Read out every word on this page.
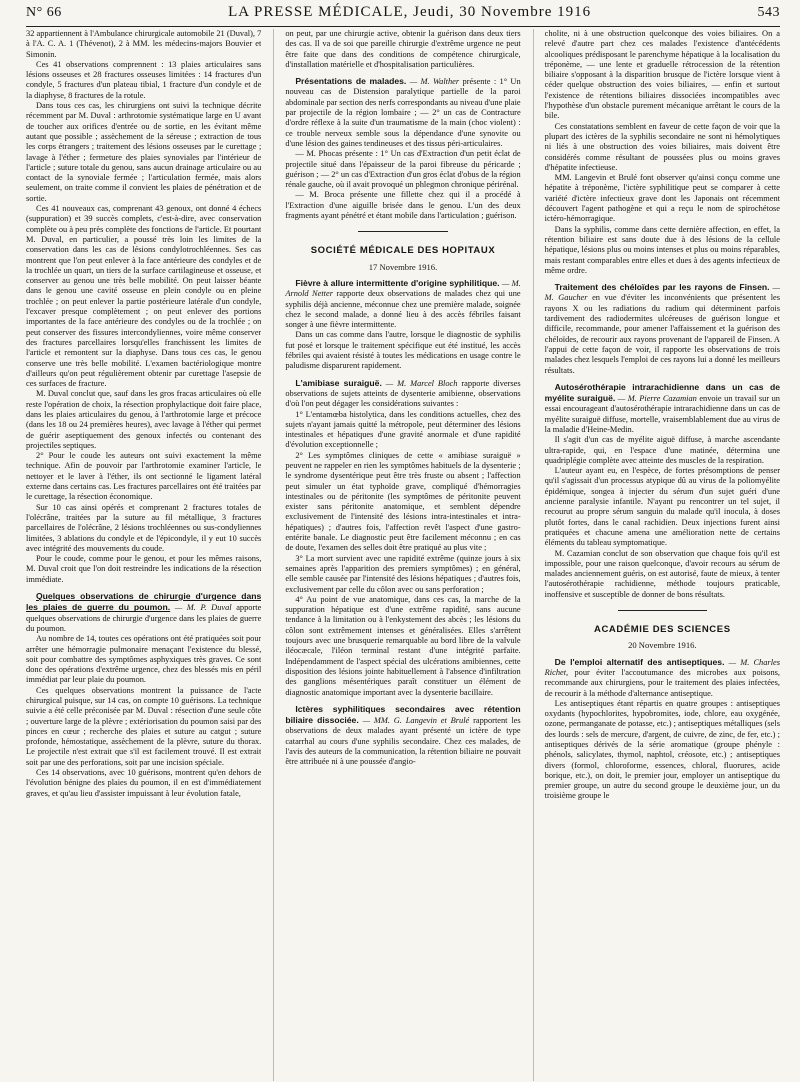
N° 66	LA PRESSE MÉDICALE, Jeudi, 30 Novembre 1916	543

32 appartiennent à l'Ambulance chirurgicale automobile 21 (Duval), 7 à l'A. C. A. 1 (Thévenot), 2 à MM. les médecins-majors Bouvier et Simonin.

Ces 41 observations comprennent : 13 plaies articulaires sans lésions osseuses et 28 fractures osseuses limitées : 14 fractures d'un condyle, 5 fractures d'un plateau tibial, 1 fracture d'un condyle et de la diaphyse, 8 fractures de la rotule.

Dans tous ces cas, les chirurgiens ont suivi la technique décrite récemment par M. Duval : arthrotomie systématique large en U avant de toucher aux orifices d'entrée ou de sortie, en les évitant même autant que possible ; assèchement de la séreuse ; extraction de tous les corps étrangers ; traitement des lésions osseuses par le curettage ; lavage à l'éther ; fermeture des plaies synoviales par l'intérieur de l'article ; suture totale du genou, sans aucun drainage articulaire ou au contact de la synoviale fermée ; l'articulation fermée, mais alors seulement, on traite comme il convient les plaies de pénétration et de sortie.

Ces 41 nouveaux cas, comprenant 43 genoux, ont donné 4 échecs (suppuration) et 39 succès complets, c'est-à-dire, avec conservation complète ou à peu près complète des fonctions de l'article. Et pourtant M. Duval, en particulier, a poussé très loin les limites de la conservation dans les cas de lésions condylotrochléennes. Ses cas montrent que l'on peut enlever à la face antérieure des condyles et de la trochlée un quart, un tiers de la surface cartilagineuse et osseuse, et conserver au genou une très belle mobilité. On peut laisser béante dans le genou une cavité osseuse en plein condyle ou en pleine trochlée ; on peut enlever la partie postérieure latérale d'un condyle, l'excaver presque complètement ; on peut enlever des portions importantes de la face antérieure des condyles ou de la trochlée ; on peut conserver des fissures intercondyliennes, voire même conserver des fractures parcellaires lorsqu'elles franchissent les limites de l'article et remontent sur la diaphyse. Dans tous ces cas, le genou conserve une très belle mobilité. L'examen bactériologique montre d'ailleurs qu'on peut régulièrement obtenir par curettage l'asepsie de ces surfaces de fracture.

M. Duval conclut que, sauf dans les gros fracas articulaires où elle reste l'opération de choix, la résection prophylactique doit faire place, dans les plaies articulaires du genou, à l'arthrotomie large et précoce (dans les 18 ou 24 premières heures), avec lavage à l'éther qui permet de guérir aseptiquement des genoux infectés ou contenant des projectiles septiques.

2° Pour le coude les auteurs ont suivi exactement la même technique. Afin de pouvoir par l'arthrotomie examiner l'article, le nettoyer et le laver à l'éther, ils ont sectionné le ligament latéral externe dans certains cas. Les fractures parcellaires ont été traitées par le curettage, la résection économique.

Sur 10 cas ainsi opérés et comprenant 2 fractures totales de l'olécrâne, traitées par la suture au fil métallique, 3 fractures parcellaires de l'olécrâne, 2 lésions trochléennes ou sus-condyliennes limitées, 3 ablations du condyle et de l'épicondyle, il y eut 10 succès avec intégrité des mouvements du coude.

Pour le coude, comme pour le genou, et pour les mêmes raisons, M. Duval croit que l'on doit restreindre les indications de la résection immédiate.

Quelques observations de chirurgie d'urgence dans les plaies de guerre du poumon. — M. P. Duval apporte quelques observations de chirurgie d'urgence dans les plaies de guerre du poumon.

Au nombre de 14, toutes ces opérations ont été pratiquées soit pour arrêter une hémorragie pulmonaire menaçant l'existence du blessé, soit pour combattre des symptômes asphyxiques très graves. Ce sont donc des opérations d'extrême urgence, chez des blessés mis en péril immédiat par leur plaie du poumon.

Ces quelques observations montrent la puissance de l'acte chirurgical puisque, sur 14 cas, on compte 10 guérisons. La technique suivie a été celle préconisée par M. Duval : résection d'une seule côte ; ouverture large de la plèvre ; extériorisation du poumon saisi par des pinces en cœur ; recherche des plaies et suture au catgut ; suture profonde, hémostatique, assèchement de la plèvre, suture du thorax. Le projectile n'est extrait que s'il est facilement trouvé. Il est extrait soit par une des perforations, soit par une incision spéciale.

Ces 14 observations, avec 10 guérisons, montrent qu'en dehors de l'évolution bénigne des plaies du poumon, il en est d'immédiatement graves, et qu'au lieu d'assister impuissant à leur évolution fatale,

on peut, par une chirurgie active, obtenir la guérison dans deux tiers des cas. Il va de soi que pareille chirurgie d'extrême urgence ne peut être faite que dans des conditions de compétence chirurgicale, d'installation matérielle et d'hospitalisation particulières.

Présentations de malades. — M. Walther présente : 1° Un nouveau cas de Distension paralytique partielle de la paroi abdominale par section des nerfs correspondants au niveau d'une plaie par projectile de la région lombaire ; — 2° un cas de Contracture d'ordre réflexe à la suite d'un traumatisme de la main (choc violent) : ce trouble nerveux semble sous la dépendance d'une synovite ou d'une lésion des gaines tendineuses et des tissus péri-articulaires.

— M. Phocas présente : 1° Un cas d'Extraction d'un petit éclat de projectile situé dans l'épaisseur de la paroi fibreuse du péricarde ; guérison ; — 2° un cas d'Extraction d'un gros éclat d'obus de la région rénale gauche, où il avait provoqué un phlegmon chronique périrénal.

— M. Broca présente une fillette chez qui il a procédé à l'Extraction d'une aiguille brisée dans le genou. L'un des deux fragments ayant pénétré et étant mobile dans l'articulation ; guérison.

SOCIÉTÉ MÉDICALE DES HOPITAUX
17 Novembre 1916.

Fièvre à allure intermittente d'origine syphilitique. — M. Arnold Netter rapporte deux observations de malades chez qui une syphilis déjà ancienne, méconnue chez une première malade, soignée chez le second malade, a donné lieu à des accès fébriles faisant songer à une fièvre intermittente.

Dans un cas comme dans l'autre, lorsque le diagnostic de syphilis fut posé et lorsque le traitement spécifique eut été institué, les accès fébriles qui avaient résisté à toutes les médications en usage contre le paludisme disparurent rapidement.

L'amibiase suraiguë. — M. Marcel Bloch rapporte diverses observations de sujets atteints de dysenterie amibienne, observations d'où l'on peut dégager les considérations suivantes :

1° L'entamœba histolytica, dans les conditions actuelles, chez des sujets n'ayant jamais quitté la métropole, peut déterminer des lésions intestinales et hépatiques d'une gravité anormale et d'une rapidité d'évolution exceptionnelle ;

2° Les symptômes cliniques de cette « amibiase suraiguë » peuvent ne rappeler en rien les symptômes habituels de la dysenterie ; le syndrome dysentérique peut être très fruste ou absent ; l'affection peut simuler un état typhoïde grave, compliqué d'hémorragies intestinales ou de péritonite (les symptômes de péritonite peuvent exister sans péritonite anatomique, et semblent dépendre exclusivement de l'intensité des lésions intra-intestinales et intra-hépatiques) ; d'autres fois, l'affection revêt l'aspect d'une gastro-entérite banale. Le diagnostic peut être facilement méconnu ; en cas de doute, l'examen des selles doit être pratiqué au plus vite ;

3° La mort survient avec une rapidité extrême (quinze jours à six semaines après l'apparition des premiers symptômes) ; en général, elle semble causée par l'intensité des lésions hépatiques ; d'autres fois, exclusivement par celle du côlon avec ou sans perforation ;

4° Au point de vue anatomique, dans ces cas, la marche de la suppuration hépatique est d'une extrême rapidité, sans aucune tendance à la limitation ou à l'enkystement des abcès ; les lésions du côlon sont extrêmement intenses et généralisées. Elles s'arrêtent toujours avec une brusquerie remarquable au bord libre de la valvule iléocæcale, l'iléon terminal restant d'une intégrité parfaite. Indépendamment de l'aspect spécial des ulcérations amibiennes, cette disposition des lésions jointe habituellement à l'absence d'infiltration des ganglions mésentériques paraît constituer un élément de diagnostic anatomique important avec la dysenterie bacillaire.

Ictères syphilitiques secondaires avec rétention biliaire dissociée. — MM. G. Langevin et Brulé rapportent les observations de deux malades ayant présenté un ictère de type catarrhal au cours d'une syphilis secondaire. Chez ces malades, de l'avis des auteurs de la communication, la rétention biliaire ne pouvait être attribuée ni à une poussée d'angio-

cholite, ni à une obstruction quelconque des voies biliaires. On a relevé d'autre part chez ces malades l'existence d'antécédents alcooliques prédisposant le parenchyme hépatique à la localisation du tréponème, — une lente et graduelle rétrocession de la rétention biliaire s'opposant à la disparition brusque de l'ictère lorsque vient à céder quelque obstruction des voies biliaires, — enfin et surtout l'existence de rétentions biliaires dissociées incompatibles avec l'hypothèse d'un obstacle purement mécanique arrêtant le cours de la bile.

Ces constatations semblent en faveur de cette façon de voir que la plupart des ictères de la syphilis secondaire ne sont ni hémolytiques ni liés à une obstruction des voies biliaires, mais doivent être considérés comme résultant de poussées plus ou moins graves d'hépatite infectieuse.

MM. Langevin et Brulé font observer qu'ainsi conçu comme une hépatite à tréponème, l'ictère syphilitique peut se comparer à cette variété d'ictère infectieux grave dont les Japonais ont récemment découvert l'agent pathogène et qui a reçu le nom de spirochétose ictéro-hémorragique.

Dans la syphilis, comme dans cette dernière affection, en effet, la rétention biliaire est sans doute due à des lésions de la cellule hépatique, lésions plus ou moins intenses et plus ou moins réparables, mais restant comparables entre elles et dues à des agents infectieux de même ordre.

Traitement des chéloïdes par les rayons de Finsen. — M. Gaucher en vue d'éviter les inconvénients que présentent les rayons X ou les radiations du radium qui déterminent parfois tardivement des radiodermites ulcéreuses de guérison longue et difficile, recommande, pour amener l'affaissement et la guérison des chéloïdes, de recourir aux rayons provenant de l'appareil de Finsen. A l'appui de cette façon de voir, il rapporte les observations de trois malades chez lesquels l'emploi de ces rayons lui a donné les meilleurs résultats.

Autosérothérapie intrarachidienne dans un cas de myélite suraiguë. — M. Pierre Cazamian envoie un travail sur un essai encourageant d'autosérothérapie intrarachidienne dans un cas de myélite suraiguë diffuse, mortelle, vraisemblablement due au virus de la maladie d'Heine-Medin.

Il s'agit d'un cas de myélite aiguë diffuse, à marche ascendante ultra-rapide, qui, en l'espace d'une matinée, détermina une quadriplégie complète avec atteinte des muscles de la respiration.

L'auteur ayant eu, en l'espèce, de fortes présomptions de penser qu'il s'agissait d'un processus atypique dû au virus de la poliomyélite épidémique, songea à injecter du sérum d'un sujet guéri d'une ancienne paralysie infantile. N'ayant pu rencontrer un tel sujet, il recourut au propre sérum sanguin du malade qu'il inocula, à doses plutôt fortes, dans le canal rachidien. Deux injections furent ainsi pratiquées et chacune amena une amélioration nette de certains éléments du tableau symptomatique.

M. Cazamian conclut de son observation que chaque fois qu'il est impossible, pour une raison quelconque, d'avoir recours au sérum de malades anciennement guéris, on est autorisé, faute de mieux, à tenter l'autosérothérapie rachidienne, méthode toujours praticable, inoffensive et susceptible de donner de bons résultats.

ACADÉMIE DES SCIENCES
20 Novembre 1916.

De l'emploi alternatif des antiseptiques. — M. Charles Richet, pour éviter l'accoutumance des microbes aux poisons, recommande aux chirurgiens, pour le traitement des plaies infectées, de recourir à la méthode d'alternance antiseptique.

Les antiseptiques étant répartis en quatre groupes : antiseptiques oxydants (hypochlorites, hypobromites, iode, chlore, eau oxygénée, ozone, permanganate de potasse, etc.) ; antiseptiques métalliques (sels des lourds : sels de mercure, d'argent, de cuivre, de zinc, de fer, etc.) ; antiseptiques dérivés de la série aromatique (groupe phényle : phénols, salicylates, thymol, naphtol, créosote, etc.) ; antiseptiques divers (formol, chloroforme, essences, chloral, fluorures, acide borique, etc.), on doit, le premier jour, employer un antiseptique du premier groupe, un autre du second groupe le deuxième jour, un du troisième groupe le
